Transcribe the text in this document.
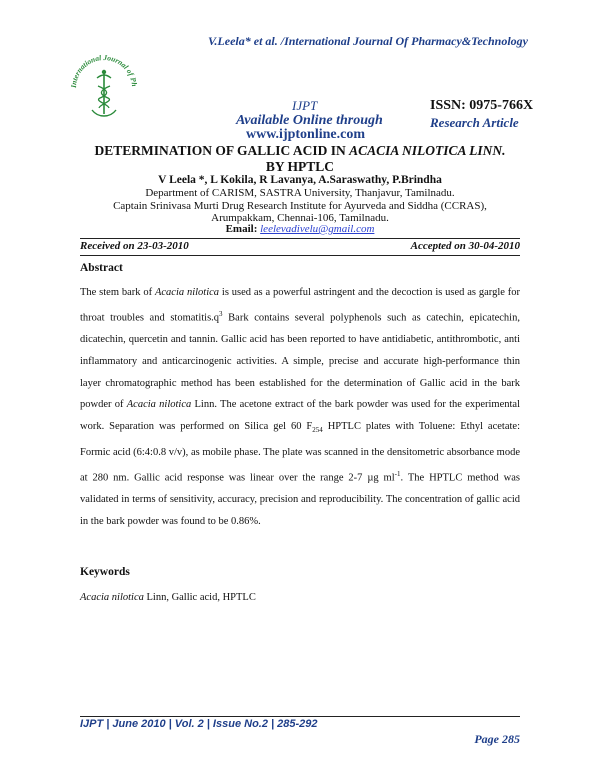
V.Leela* et al. /International Journal Of Pharmacy&Technology
International Journal of Ph
IJPT	ISSN: 0975-766X
Available Online through	Research Article
www.ijptonline.com
DETERMINATION OF GALLIC ACID IN ACACIA NILOTICA LINN.
BY HPTLC
V Leela *, L Kokila, R Lavanya, A.Saraswathy, P.Brindha
Department of CARISM, SASTRA University, Thanjavur, Tamilnadu.
Captain Srinivasa Murti Drug Research Institute for Ayurveda and Siddha (CCRAS),
Arumpakkam, Chennai-106, Tamilnadu.
Email: leelevadivelu@gmail.com
Received on 23-03-2010	Accepted on 30-04-2010
Abstract

The stem bark of Acacia nilotica is used as a powerful astringent and the decoction is used as gargle for throat troubles and $stomatitis.q^3$ Bark contains several polyphenols such as catechin, epicatechin, dicatechin, quercetin and tannin. Gallic acid has been reported to have antidiabetic, antithrombotic, anti inflammatory and anticarcinogenic activities. A simple, precise and accurate high-performance thin layer chromatographic method has been established for the determination of Gallic acid in the bark powder of Acacia nilotica Linn. The acetone extract of the bark powder was used for the experimental work. Separation was performed on Silica gel 60 $F_{254}$ HPTLC plates with Toluene: Ethyl acetate: Formic acid (6:4:0.8 v/v), as mobile phase. The plate was scanned in the densitometric absorbance mode at 280 nm. Gallic acid response was linear over the range 2-7 µg $ml^{-1}$. The HPTLC method was validated in terms of sensitivity, accuracy, precision and reproducibility. The concentration of gallic acid in the bark powder was found to be 0.86%.

Keywords
Acacia nilotica Linn, Gallic acid, HPTLC
IJPT | June 2010 | Vol. 2 | Issue No.2 | 285-292
Page 285
